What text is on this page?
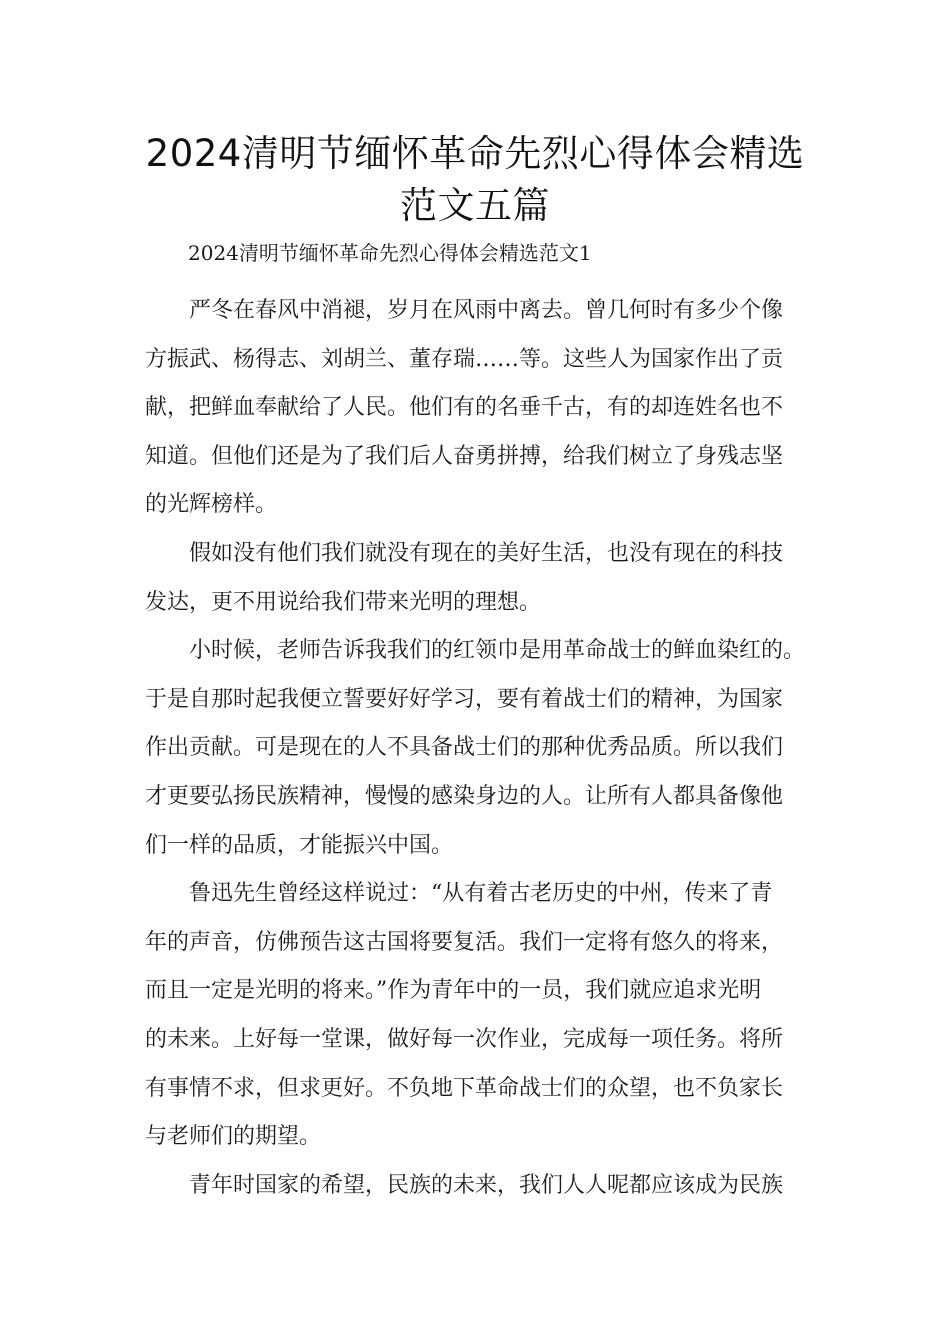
2024清明节缅怀革命先烈心得体会精选
范文五篇

2024清明节缅怀革命先烈心得体会精选范文1

严冬在春风中消褪，岁月在风雨中离去。曾几何时有多少个像
方振武、杨得志、刘胡兰、董存瑞……等。这些人为国家作出了贡
献，把鲜血奉献给了人民。他们有的名垂千古，有的却连姓名也不
知道。但他们还是为了我们后人奋勇拼搏，给我们树立了身残志坚
的光辉榜样。

假如没有他们我们就没有现在的美好生活，也没有现在的科技
发达，更不用说给我们带来光明的理想。

小时候，老师告诉我我们的红领巾是用革命战士的鲜血染红的。
于是自那时起我便立誓要好好学习，要有着战士们的精神，为国家
作出贡献。可是现在的人不具备战士们的那种优秀品质。所以我们
才更要弘扬民族精神，慢慢的感染身边的人。让所有人都具备像他
们一样的品质，才能振兴中国。

鲁迅先生曾经这样说过：“从有着古老历史的中州，传来了青
年的声音，仿佛预告这古国将要复活。我们一定将有悠久的将来，
而且一定是光明的将来。”作为青年中的一员，我们就应追求光明
的未来。上好每一堂课，做好每一次作业，完成每一项任务。将所
有事情不求，但求更好。不负地下革命战士们的众望，也不负家长
与老师们的期望。

青年时国家的希望，民族的未来，我们人人呢都应该成为民族
